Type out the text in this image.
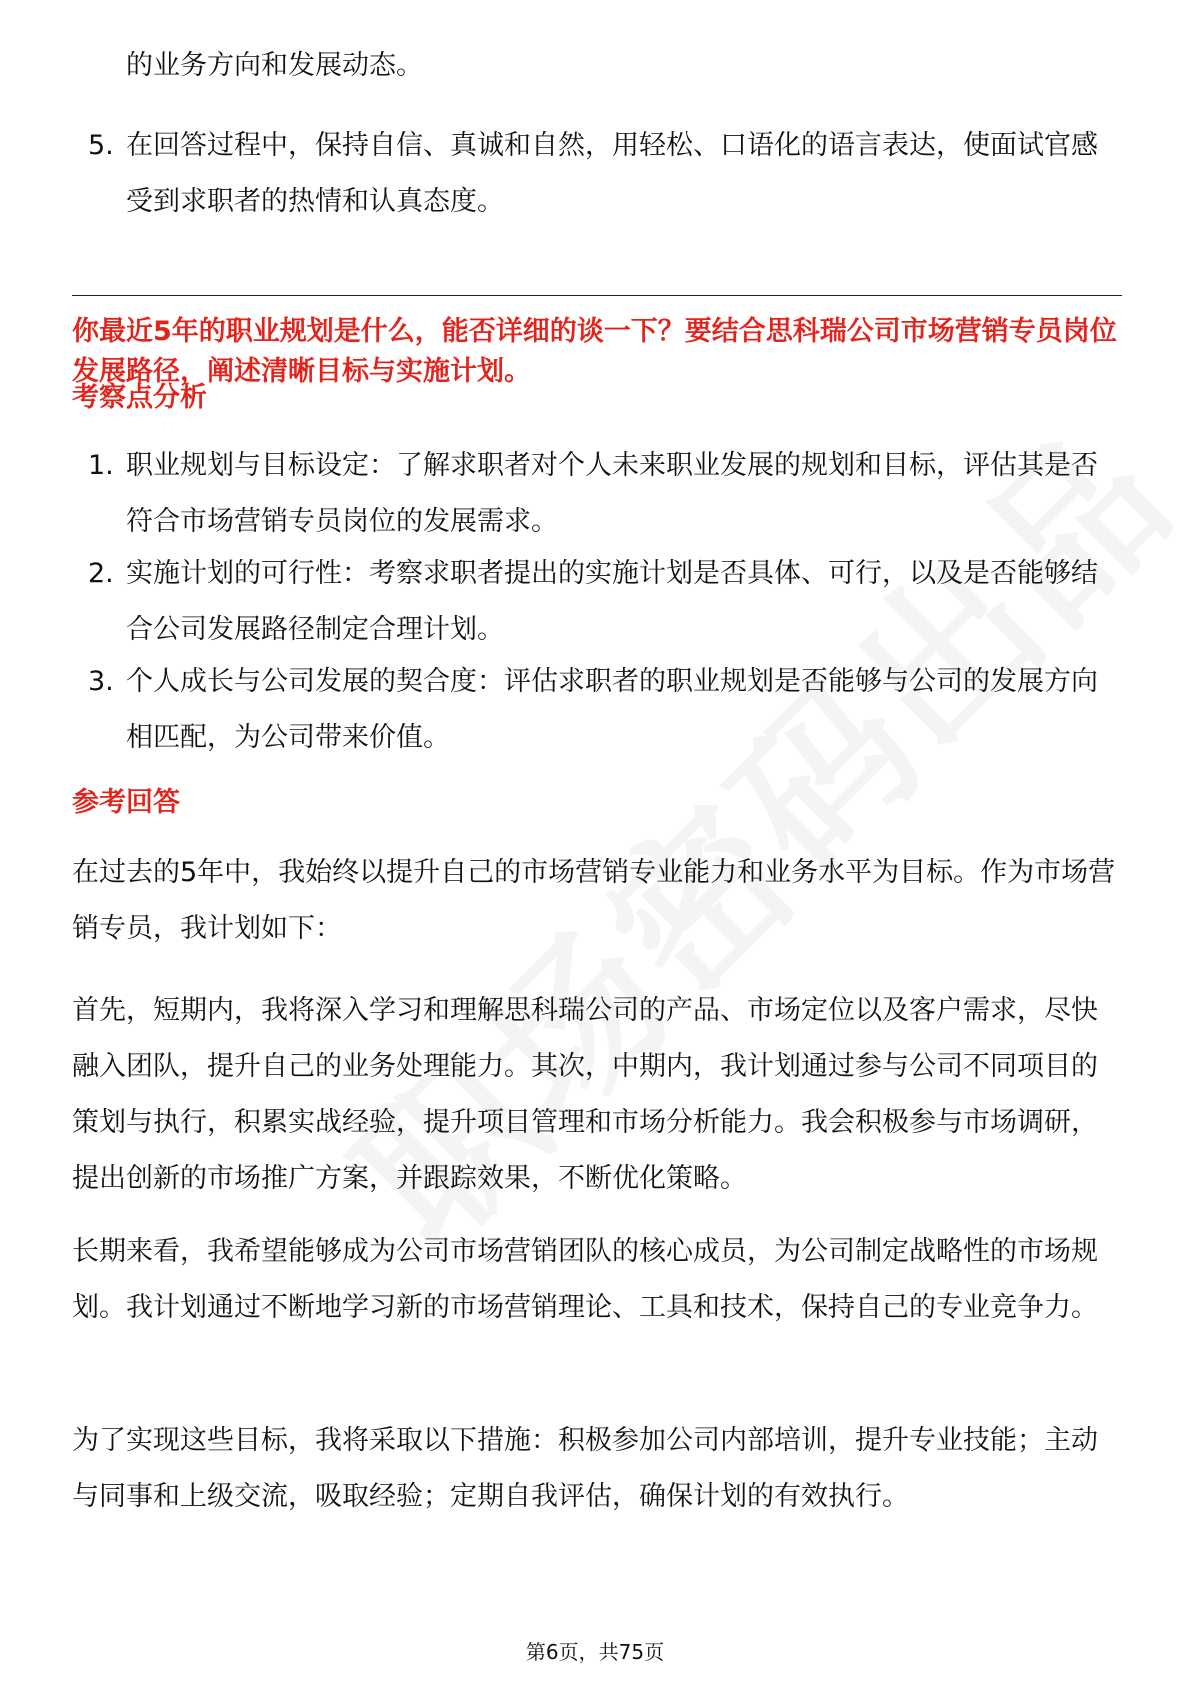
的业务方向和发展动态。
5. 在回答过程中，保持自信、真诚和自然，用轻松、口语化的语言表达，使面试官感受到求职者的热情和认真态度。
你最近5年的职业规划是什么，能否详细的谈一下？要结合思科瑞公司市场营销专员岗位发展路径，阐述清晰目标与实施计划。
考察点分析
1. 职业规划与目标设定：了解求职者对个人未来职业发展的规划和目标，评估其是否符合市场营销专员岗位的发展需求。
2. 实施计划的可行性：考察求职者提出的实施计划是否具体、可行，以及是否能够结合公司发展路径制定合理计划。
3. 个人成长与公司发展的契合度：评估求职者的职业规划是否能够与公司的发展方向相匹配，为公司带来价值。
参考回答
在过去的5年中，我始终以提升自己的市场营销专业能力和业务水平为目标。作为市场营销专员，我计划如下：
首先，短期内，我将深入学习和理解思科瑞公司的产品、市场定位以及客户需求，尽快融入团队，提升自己的业务处理能力。其次，中期内，我计划通过参与公司不同项目的策划与执行，积累实战经验，提升项目管理和市场分析能力。我会积极参与市场调研，提出创新的市场推广方案，并跟踪效果，不断优化策略。
长期来看，我希望能够成为公司市场营销团队的核心成员，为公司制定战略性的市场规划。我计划通过不断地学习新的市场营销理论、工具和技术，保持自己的专业竞争力。
为了实现这些目标，我将采取以下措施：积极参加公司内部培训，提升专业技能；主动与同事和上级交流，吸取经验；定期自我评估，确保计划的有效执行。
第6页，共75页
